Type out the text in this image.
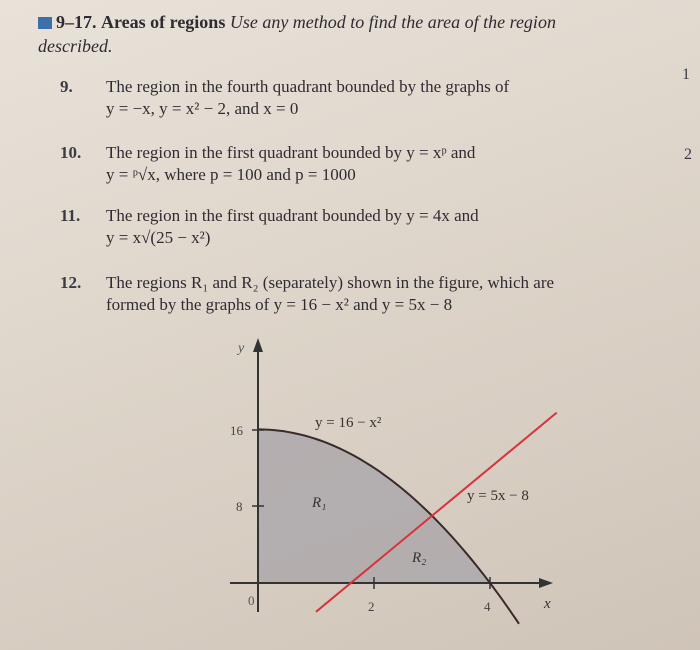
9–17. Areas of regions Use any method to find the area of the region
described.
9. The region in the fourth quadrant bounded by the graphs of
y = −x, y = x² − 2, and x = 0
10. The region in the first quadrant bounded by y = xᵖ and
y = ᵖ√x, where p = 100 and p = 1000
11. The region in the first quadrant bounded by y = 4x and
y = x√(25 − x²)
12. The regions R₁ and R₂ (separately) shown in the figure, which are
formed by the graphs of y = 16 − x² and y = 5x − 8
1
2
y
x
16
8
0	2	4
y = 16 − x²
y = 5x − 8
R₁
R₂
